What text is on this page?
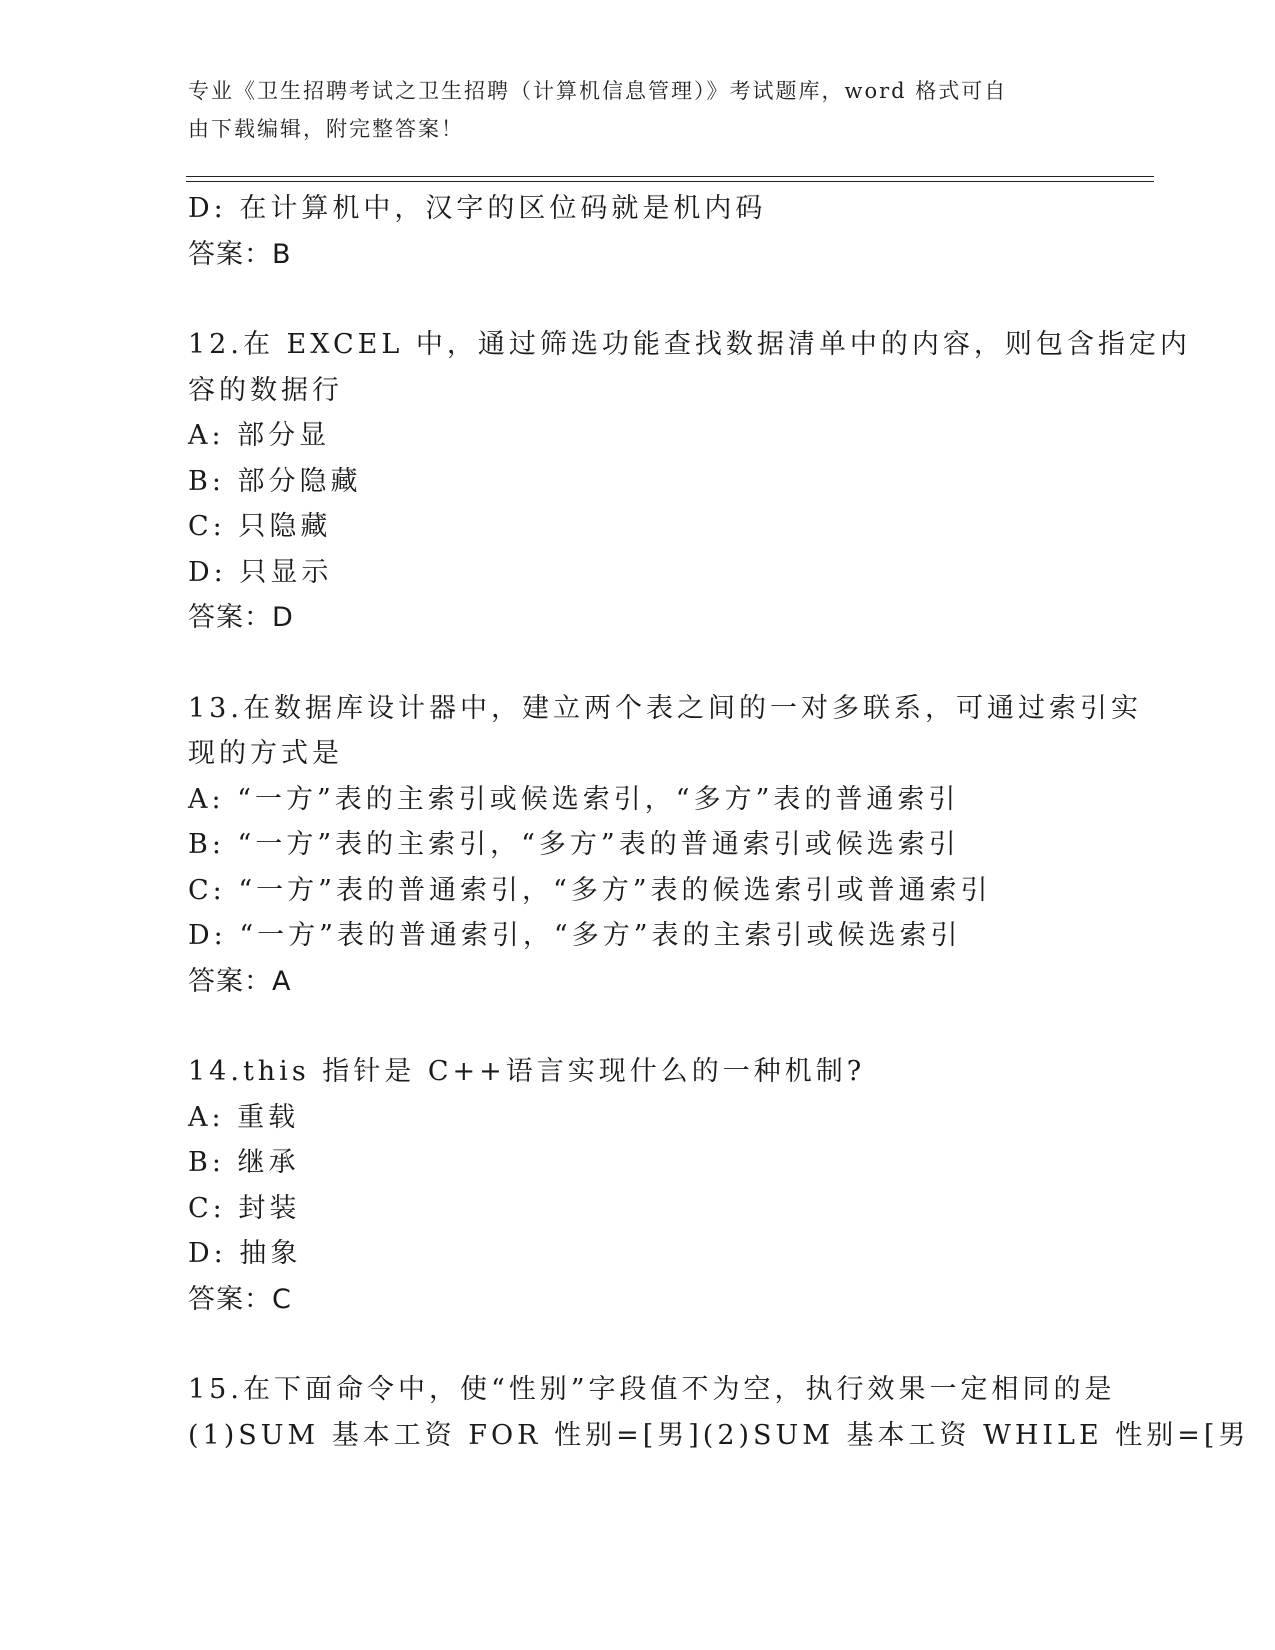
专业《卫生招聘考试之卫生招聘（计算机信息管理）》考试题库，word 格式可自
由下载编辑，附完整答案！
D: 在计算机中，汉字的区位码就是机内码
答案：B
12.在 EXCEL 中，通过筛选功能查找数据清单中的内容，则包含指定内
容的数据行
A: 部分显
B: 部分隐藏
C: 只隐藏
D: 只显示
答案：D
13.在数据库设计器中，建立两个表之间的一对多联系，可通过索引实
现的方式是
A: “一方”表的主索引或候选索引，“多方”表的普通索引
B: “一方”表的主索引，“多方”表的普通索引或候选索引
C: “一方”表的普通索引，“多方”表的候选索引或普通索引
D: “一方”表的普通索引，“多方”表的主索引或候选索引
答案：A
14.this 指针是 C++语言实现什么的一种机制?
A: 重载
B: 继承
C: 封装
D: 抽象
答案：C
15.在下面命令中，使“性别”字段值不为空，执行效果一定相同的是
(1)SUM 基本工资 FOR 性别=[男](2)SUM 基本工资 WHILE 性别=[男
